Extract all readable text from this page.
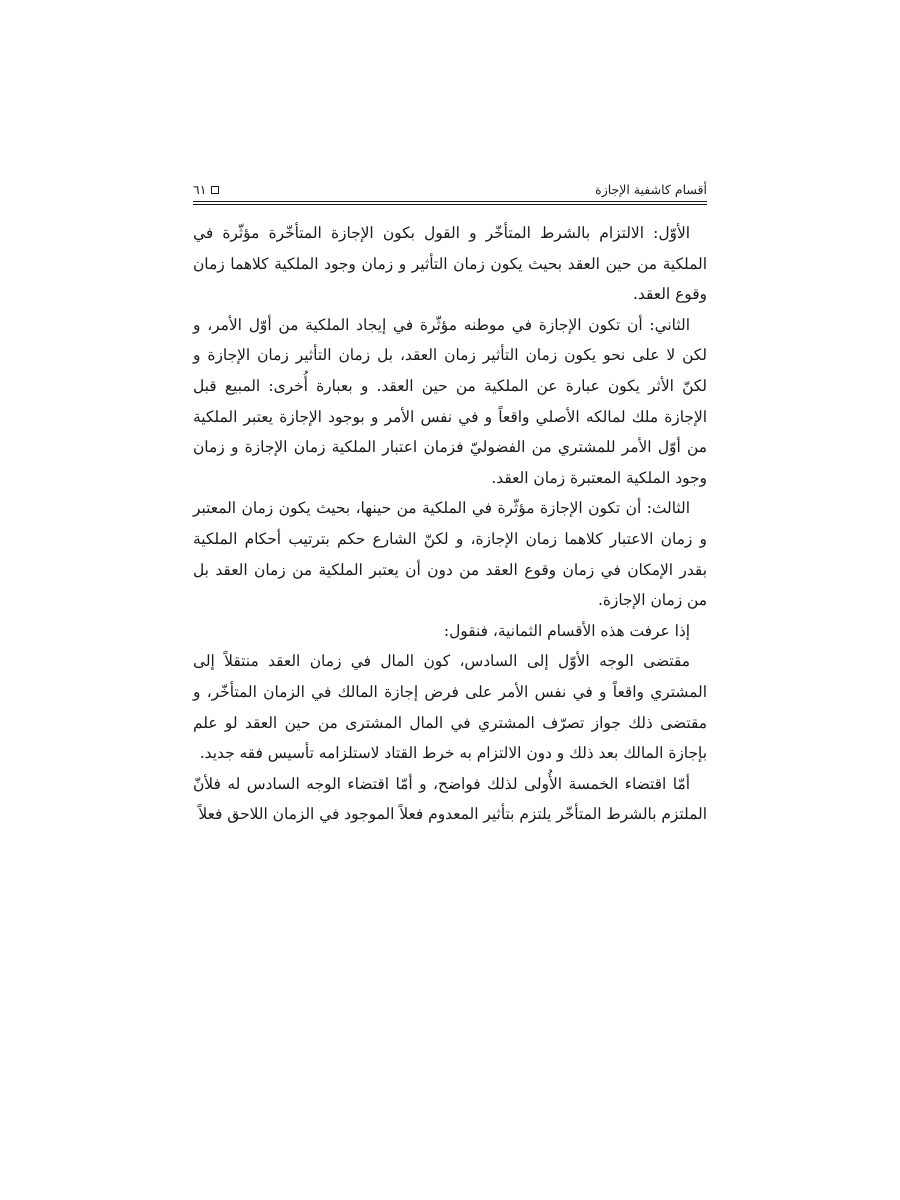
أقسام كاشفية الإجازة
٦١

الأوّل: الالتزام بالشرط المتأخّر و القول بكون الإجازة المتأخّرة مؤثّرة في الملكية من حين العقد بحيث يكون زمان التأثير و زمان وجود الملكية كلاهما زمان وقوع العقد.

الثاني: أن تكون الإجازة في موطنه مؤثّرة في إيجاد الملكية من أوّل الأمر، و لكن لا على نحو يكون زمان التأثير زمان العقد، بل زمان التأثير زمان الإجازة و لكنّ الأثر يكون عبارة عن الملكية من حين العقد. و بعبارة أُخرى: المبيع قبل الإجازة ملك لمالكه الأصلي واقعاً و في نفس الأمر و بوجود الإجازة يعتبر الملكية من أوّل الأمر للمشتري من الفضوليّ فزمان اعتبار الملكية زمان الإجازة و زمان وجود الملكية المعتبرة زمان العقد.

الثالث: أن تكون الإجازة مؤثّرة في الملكية من حينها، بحيث يكون زمان المعتبر و زمان الاعتبار كلاهما زمان الإجازة، و لكنّ الشارع حكم بترتيب أحكام الملكية بقدر الإمكان في زمان وقوع العقد من دون أن يعتبر الملكية من زمان العقد بل من زمان الإجازة.

إذا عرفت هذه الأقسام الثمانية، فنقول:

مقتضى الوجه الأوّل إلى السادس، كون المال في زمان العقد منتقلاً إلى المشتري واقعاً و في نفس الأمر على فرض إجازة المالك في الزمان المتأخّر، و مقتضى ذلك جواز تصرّف المشتري في المال المشترى من حين العقد لو علم بإجازة المالك بعد ذلك و دون الالتزام به خرط القتاد لاستلزامه تأسيس فقه جديد.

أمّا اقتضاء الخمسة الأُولى لذلك فواضح، و أمّا اقتضاء الوجه السادس له فلأنّ الملتزم بالشرط المتأخّر يلتزم بتأثير المعدوم فعلاً الموجود في الزمان اللاحق فعلاً
